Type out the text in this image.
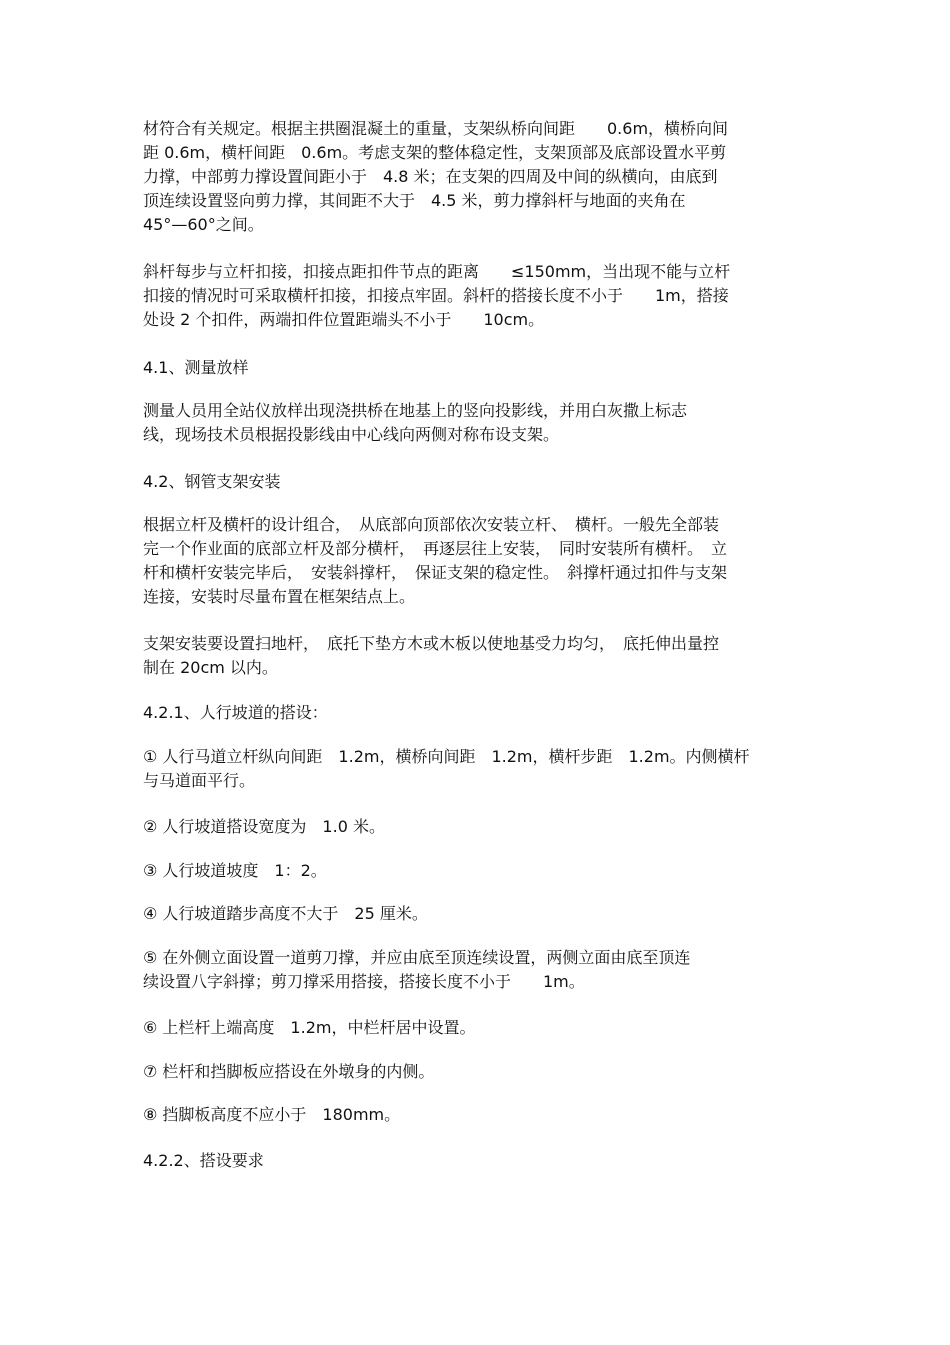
材符合有关规定。根据主拱圈混凝土的重量，支架纵桥向间距　　0.6m，横桥向间
距 0.6m，横杆间距　0.6m。考虑支架的整体稳定性，支架顶部及底部设置水平剪
力撑，中部剪力撑设置间距小于　4.8 米；在支架的四周及中间的纵横向，由底到
顶连续设置竖向剪力撑，其间距不大于　4.5 米，剪力撑斜杆与地面的夹角在
45°—60°之间。
斜杆每步与立杆扣接，扣接点距扣件节点的距离　　≤150mm，当出现不能与立杆
扣接的情况时可采取横杆扣接，扣接点牢固。斜杆的搭接长度不小于　　1m，搭接
处设 2 个扣件，两端扣件位置距端头不小于　　10cm。
4.1、测量放样
测量人员用全站仪放样出现浇拱桥在地基上的竖向投影线，并用白灰撒上标志
线，现场技术员根据投影线由中心线向两侧对称布设支架。
4.2、钢管支架安装
根据立杆及横杆的设计组合，　从底部向顶部依次安装立杆、　横杆。一般先全部装
完一个作业面的底部立杆及部分横杆，　再逐层往上安装，　同时安装所有横杆。　立
杆和横杆安装完毕后，　安装斜撑杆，　保证支架的稳定性。　斜撑杆通过扣件与支架
连接，安装时尽量布置在框架结点上。
支架安装要设置扫地杆，　底托下垫方木或木板以使地基受力均匀，　底托伸出量控
制在 20cm 以内。
4.2.1、人行坡道的搭设：
① 人行马道立杆纵向间距　1.2m，横桥向间距　1.2m，横杆步距　1.2m。内侧横杆
与马道面平行。
② 人行坡道搭设宽度为　1.0 米。
③ 人行坡道坡度　1：2。
④ 人行坡道踏步高度不大于　25 厘米。
⑤ 在外侧立面设置一道剪刀撑，并应由底至顶连续设置，两侧立面由底至顶连
续设置八字斜撑；剪刀撑采用搭接，搭接长度不小于　　1m。
⑥ 上栏杆上端高度　1.2m，中栏杆居中设置。
⑦ 栏杆和挡脚板应搭设在外墩身的内侧。
⑧ 挡脚板高度不应小于　180mm。
4.2.2、搭设要求
